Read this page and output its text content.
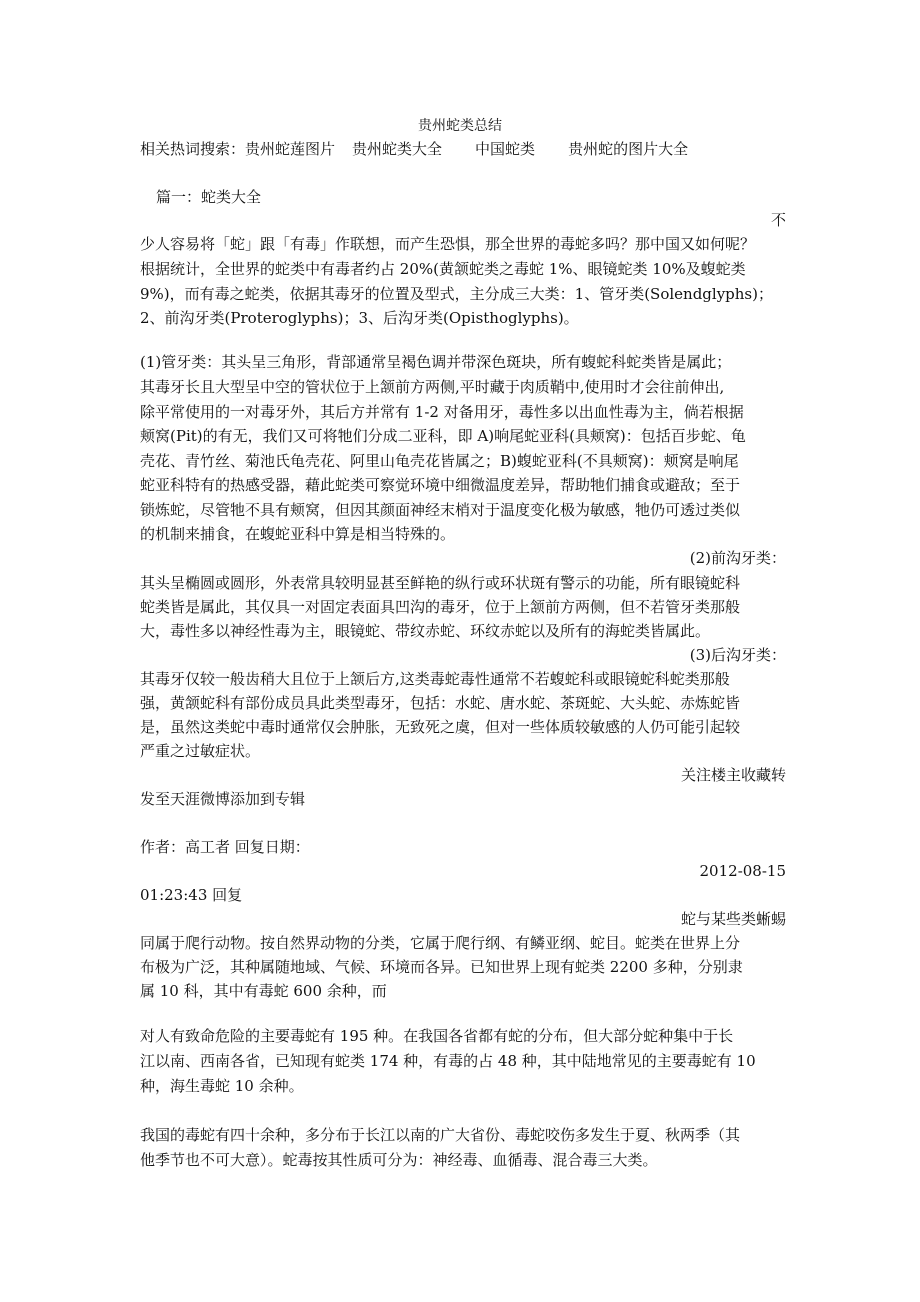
贵州蛇类总结
相关热词搜索：贵州蛇莲图片 贵州蛇类大全 中国蛇类 贵州蛇的图片大全
篇一：蛇类大全
不
少人容易将「蛇」跟「有毒」作联想，而产生恐惧，那全世界的毒蛇多吗？那中国又如何呢？
根据统计，全世界的蛇类中有毒者约占 20%(黄颔蛇类之毒蛇 1%、眼镜蛇类 10%及蝮蛇类
9%)，而有毒之蛇类，依据其毒牙的位置及型式，主分成三大类：1、管牙类(Solendglyphs)；
2、前沟牙类(Proteroglyphs)；3、后沟牙类(Opisthoglyphs)。
(1)管牙类：其头呈三角形，背部通常呈褐色调并带深色斑块，所有蝮蛇科蛇类皆是属此；
其毒牙长且大型呈中空的管状位于上颔前方两侧,平时藏于肉质鞘中,使用时才会往前伸出,
除平常使用的一对毒牙外，其后方并常有 1-2 对备用牙，毒性多以出血性毒为主，倘若根据
颊窝(Pit)的有无，我们又可将牠们分成二亚科，即 A)响尾蛇亚科(具颊窝)：包括百步蛇、龟
壳花、青竹丝、菊池氏龟壳花、阿里山龟壳花皆属之；B)蝮蛇亚科(不具颊窝)：颊窝是响尾
蛇亚科特有的热感受器，藉此蛇类可察觉环境中细微温度差异，帮助牠们捕食或避敌；至于
锁炼蛇，尽管牠不具有颊窝，但因其颜面神经末梢对于温度变化极为敏感，牠仍可透过类似
的机制来捕食，在蝮蛇亚科中算是相当特殊的。
(2)前沟牙类：
其头呈椭圆或圆形，外表常具较明显甚至鲜艳的纵行或环状斑有警示的功能，所有眼镜蛇科
蛇类皆是属此，其仅具一对固定表面具凹沟的毒牙，位于上颔前方两侧，但不若管牙类那般
大，毒性多以神经性毒为主，眼镜蛇、带纹赤蛇、环纹赤蛇以及所有的海蛇类皆属此。
(3)后沟牙类：
其毒牙仅较一般齿稍大且位于上颔后方,这类毒蛇毒性通常不若蝮蛇科或眼镜蛇科蛇类那般
强，黄颔蛇科有部份成员具此类型毒牙，包括：水蛇、唐水蛇、茶斑蛇、大头蛇、赤炼蛇皆
是，虽然这类蛇中毒时通常仅会肿胀，无致死之虞，但对一些体质较敏感的人仍可能引起较
严重之过敏症状。
关注楼主收藏转
发至天涯微博添加到专辑
作者：高工者 回复日期：
2012-08-15
01:23:43 回复
蛇与某些类蜥蜴
同属于爬行动物。按自然界动物的分类，它属于爬行纲、有鳞亚纲、蛇目。蛇类在世界上分
布极为广泛，其种属随地域、气候、环境而各异。已知世界上现有蛇类 2200 多种，分别隶
属 10 科，其中有毒蛇 600 余种，而
对人有致命危险的主要毒蛇有 195 种。在我国各省都有蛇的分布，但大部分蛇种集中于长
江以南、西南各省，已知现有蛇类 174 种，有毒的占 48 种，其中陆地常见的主要毒蛇有 10
种，海生毒蛇 10 余种。
我国的毒蛇有四十余种，多分布于长江以南的广大省份、毒蛇咬伤多发生于夏、秋两季（其
他季节也不可大意）。蛇毒按其性质可分为：神经毒、血循毒、混合毒三大类。
